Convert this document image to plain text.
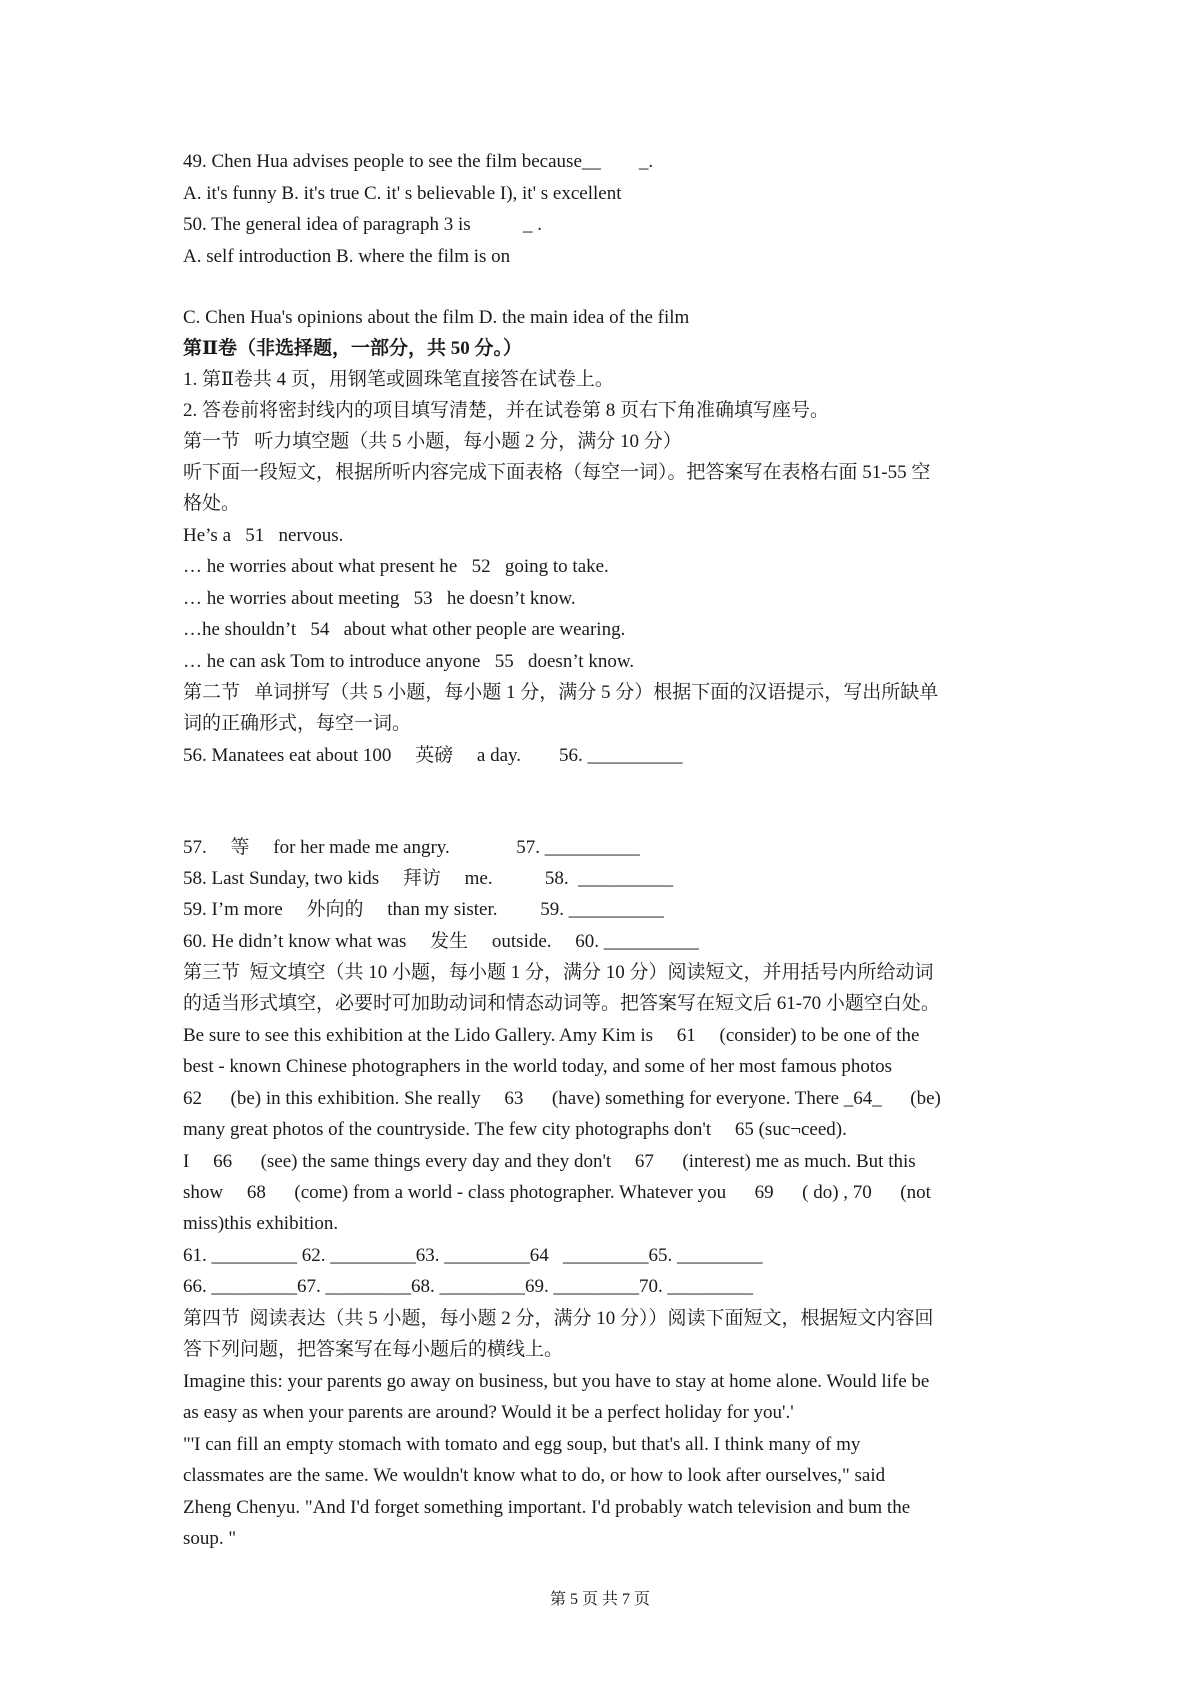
49. Chen Hua advises people to see the film because__        _.

A. it's funny B. it's true C. it' s believable I), it' s excellent

50. The general idea of paragraph 3 is           _ .

A. self introduction B. where the film is on

C. Chen Hua's opinions about the film D. the main idea of the film

第Ⅱ卷（非选择题，一部分，共 50 分。）

1. 第Ⅱ卷共 4 页，用钢笔或圆珠笔直接答在试卷上。

2. 答卷前将密封线内的项目填写清楚，并在试卷第 8 页右下角准确填写座号。

第一节   听力填空题（共 5 小题，每小题 2 分，满分 10 分）

听下面一段短文，根据所听内容完成下面表格（每空一词）。把答案写在表格右面 51-55 空

格处。

He’s a   51   nervous.

… he worries about what present he   52   going to take.

… he worries about meeting   53   he doesn’t know.

…he shouldn’t   54   about what other people are wearing.

… he can ask Tom to introduce anyone   55   doesn’t know.

第二节   单词拼写（共 5 小题，每小题 1 分，满分 5 分）根据下面的汉语提示，写出所缺单

词的正确形式，每空一词。

56. Manatees eat about 100     英磅     a day.        56. __________

57.     等     for her made me angry.              57. __________

58. Last Sunday, two kids     拜访     me.           58.  __________

59. I’m more     外向的     than my sister.         59. __________

60. He didn’t know what was     发生     outside.     60. __________

第三节  短文填空（共 10 小题，每小题 1 分，满分 10 分）阅读短文，并用括号内所给动词

的适当形式填空，必要时可加助动词和情态动词等。把答案写在短文后 61-70 小题空白处。

Be sure to see this exhibition at the Lido Gallery. Amy Kim is     61     (consider) to be one of the

best - known Chinese photographers in the world today, and some of her most famous photos

62      (be) in this exhibition. She really     63      (have) something for everyone. There _64_      (be)

many great photos of the countryside. The few city photographs don't     65 (suc¬ceed).

I     66      (see) the same things every day and they don't     67      (interest) me as much. But this

show     68      (come) from a world - class photographer. Whatever you      69      ( do) , 70      (not

miss)this exhibition.

61. _________ 62. _________63. _________64   _________65. _________

66. _________67. _________68. _________69. _________70. _________

第四节  阅读表达（共 5 小题，每小题 2 分，满分 10 分））阅读下面短文，根据短文内容回

答下列问题，把答案写在每小题后的横线上。

Imagine this: your parents go away on business, but you have to stay at home alone. Would life be

as easy as when your parents are around? Would it be a perfect holiday for you'.'

"'I can fill an empty stomach with tomato and egg soup, but that's all. I think many of my

classmates are the same. We wouldn't know what to do, or how to look after ourselves," said

Zheng Chenyu. "And I'd forget something important. I'd probably watch television and bum the

soup. "

第 5 页 共 7 页
